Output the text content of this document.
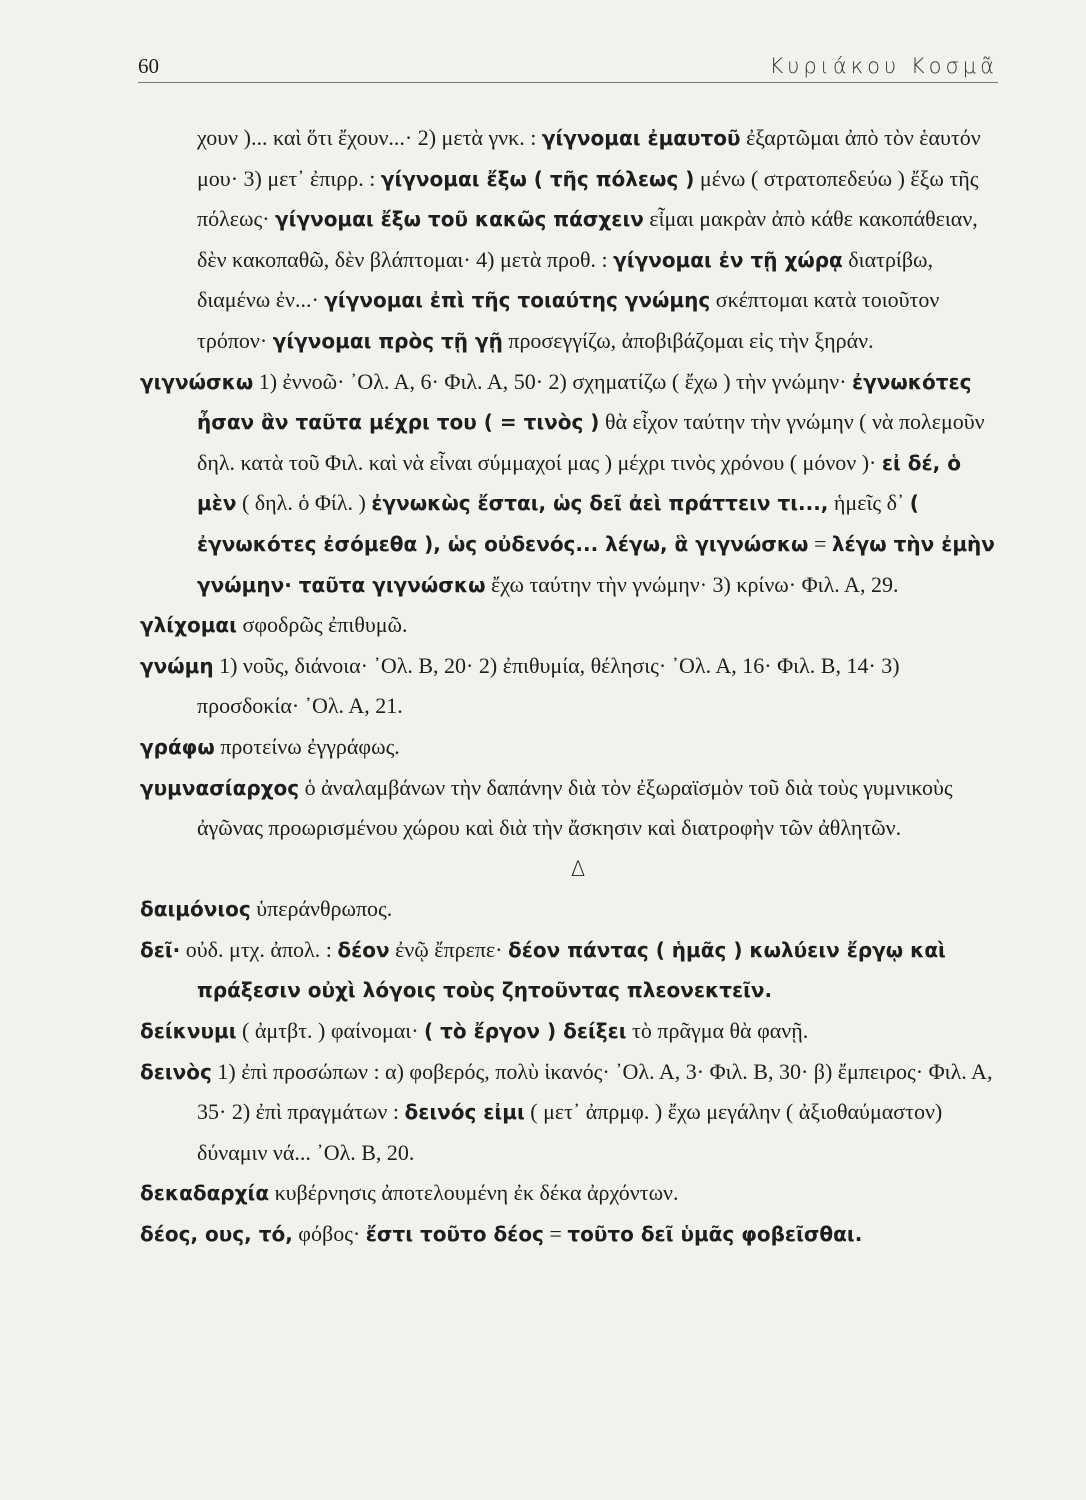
60	Κυριάκου Κοσμᾶ

χουν )... καὶ ὅτι ἔχουν...· 2) μετὰ γνκ. : γίγνομαι ἐμαυτοῦ ἐξαρτῶμαι ἀπὸ τὸν ἑαυτόν μου· 3) μετ᾽ ἐπιρρ. : γίγνομαι ἔξω ( τῆς πόλεως ) μένω ( στρατοπεδεύω ) ἔξω τῆς πόλεως· γίγνομαι ἔξω τοῦ κακῶς πάσχειν εἶμαι μακρὰν ἀπὸ κάθε κακοπάθειαν, δὲν κακοπαθῶ, δὲν βλάπτομαι· 4) μετὰ προθ. : γίγνομαι ἐν τῇ χώρᾳ διατρίβω, διαμένω ἐν...· γίγνομαι ἐπὶ τῆς τοιαύτης γνώμης σκέπτομαι κατὰ τοιοῦτον τρόπον· γίγνομαι πρὸς τῇ γῇ προσεγγίζω, ἀποβιβάζομαι εἰς τὴν ξηράν.

γιγνώσκω 1) ἐννοῶ· ᾽Ολ. Α, 6· Φιλ. Α, 50· 2) σχηματίζω ( ἔχω ) τὴν γνώμην· ἐγνωκότες ἦσαν ἂν ταῦτα μέχρι του ( = τινὸς ) θὰ εἶχον ταύτην τὴν γνώμην ( νὰ πολεμοῦν δηλ. κατὰ τοῦ Φιλ. καὶ νὰ εἶναι σύμμαχοί μας ) μέχρι τινὸς χρόνου ( μόνον )· εἰ δέ, ὁ μὲν ( δηλ. ὁ Φίλ. ) ἐγνωκὼς ἔσται, ὡς δεῖ ἀεὶ πράττειν τι..., ἡμεῖς δ᾽ ( ἐγνωκότες ἐσόμεθα ), ὡς οὐδενός... λέγω, ἃ γιγνώσκω = λέγω τὴν ἐμὴν γνώμην· ταῦτα γιγνώσκω ἔχω ταύτην τὴν γνώμην· 3) κρίνω· Φιλ. Α, 29.

γλίχομαι σφοδρῶς ἐπιθυμῶ.

γνώμη 1) νοῦς, διάνοια· ᾽Ολ. Β, 20· 2) ἐπιθυμία, θέλησις· ᾽Ολ. Α, 16· Φιλ. Β, 14· 3) προσδοκία· ᾽Ολ. Α, 21.

γράφω προτείνω ἐγγράφως.

γυμνασίαρχος ὁ ἀναλαμβάνων τὴν δαπάνην διὰ τὸν ἐξωραϊσμὸν τοῦ διὰ τοὺς γυμνικοὺς ἀγῶνας προωρισμένου χώρου καὶ διὰ τὴν ἄσκησιν καὶ διατροφὴν τῶν ἀθλητῶν.

Δ

δαιμόνιος ὑπεράνθρωπος.

δεῖ· οὐδ. μτχ. ἀπολ. : δέον ἐνῷ ἔπρεπε· δέον πάντας ( ἡμᾶς ) κωλύειν ἔργῳ καὶ πράξεσιν οὐχὶ λόγοις τοὺς ζητοῦντας πλεονεκτεῖν.

δείκνυμι ( ἀμτβτ. ) φαίνομαι· ( τὸ ἔργον ) δείξει τὸ πρᾶγμα θὰ φανῇ.

δεινὸς 1) ἐπὶ προσώπων : α) φοβερός, πολὺ ἱκανός· ᾽Ολ. Α, 3· Φιλ. Β, 30· β) ἔμπειρος· Φιλ. Α, 35· 2) ἐπὶ πραγμάτων : δεινός εἰμι ( μετ᾽ ἀπρμφ. ) ἔχω μεγάλην ( ἀξιοθαύμαστον) δύναμιν νά... ᾽Ολ. Β, 20.

δεκαδαρχία κυβέρνησις ἀποτελουμένη ἐκ δέκα ἀρχόντων.

δέος, ους, τό, φόβος· ἔστι τοῦτο δέος = τοῦτο δεῖ ὑμᾶς φοβεῖσθαι.
